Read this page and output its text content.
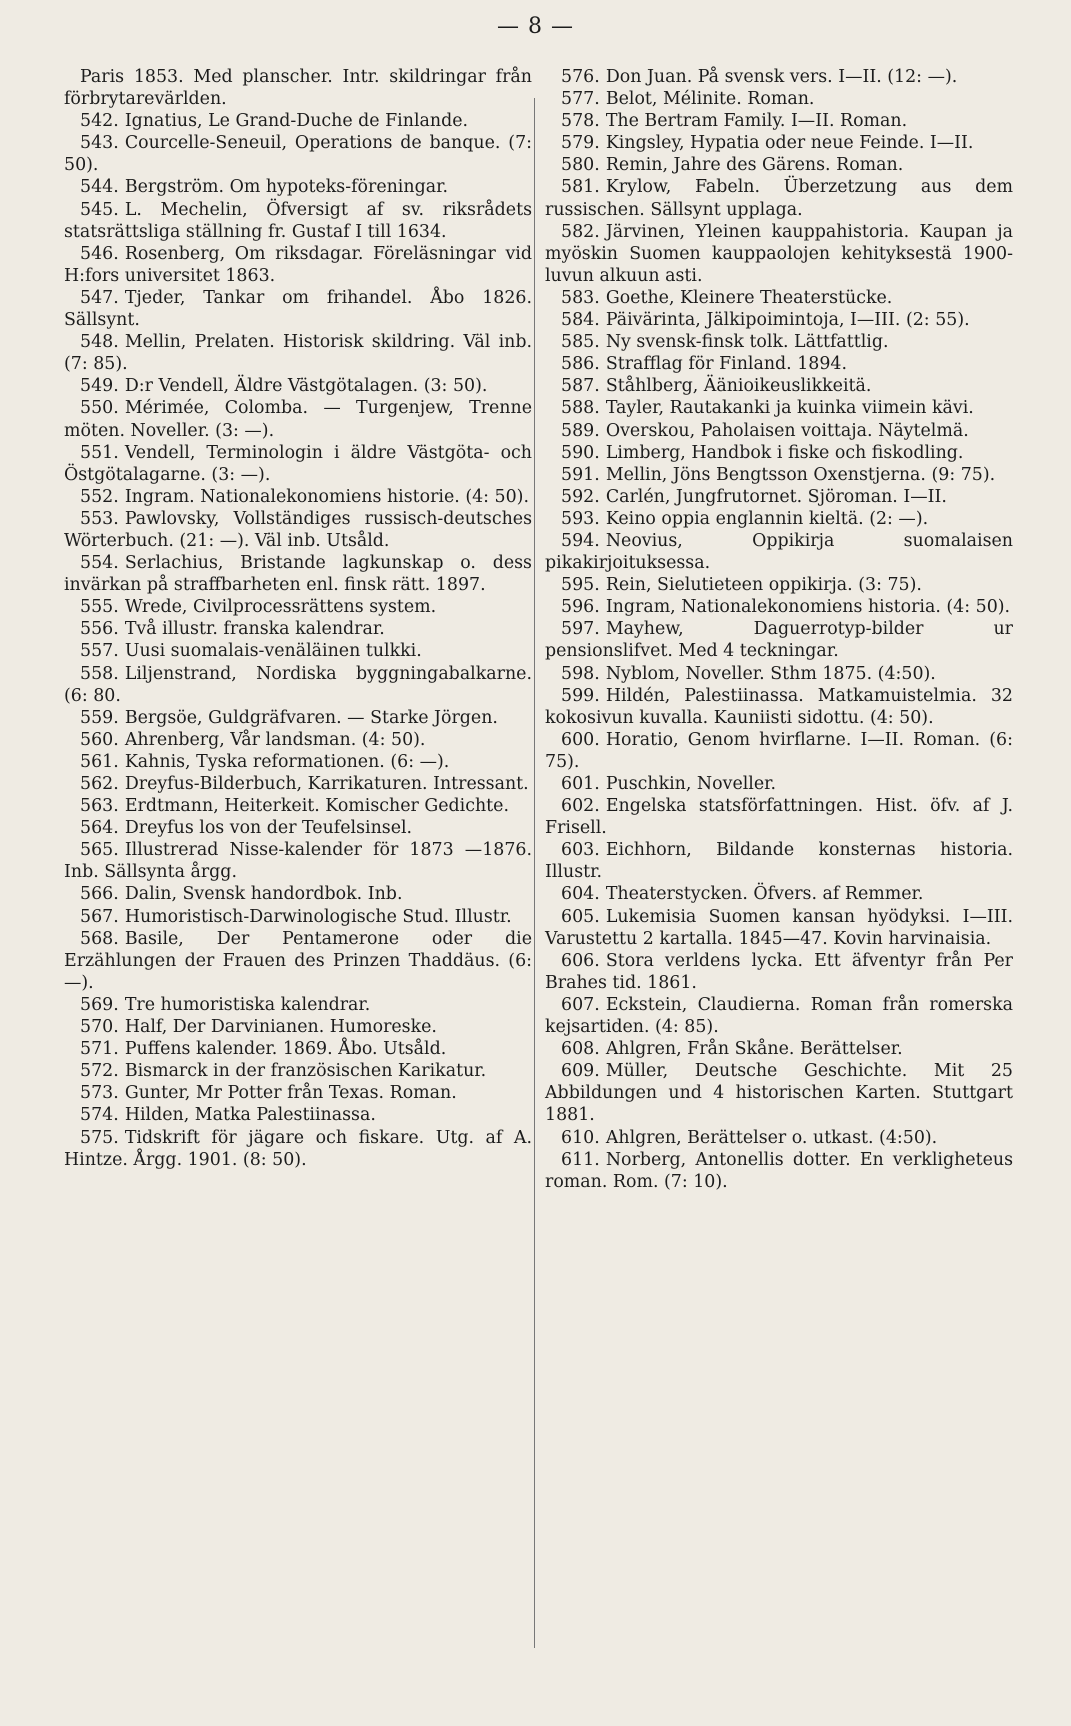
— 8 —

Paris 1853. Med planscher. Intr. skildringar från förbrytarevärlden.

542. Ignatius, Le Grand-Duche de Finlande.

543. Courcelle-Seneuil, Operations de banque. (7: 50).

544. Bergström. Om hypoteks-föreningar.

545. L. Mechelin, Öfversigt af sv. riksrådets statsrättsliga ställning fr. Gustaf I till 1634.

546. Rosenberg, Om riksdagar. Föreläsningar vid H:fors universitet 1863.

547. Tjeder, Tankar om frihandel. Åbo 1826. Sällsynt.

548. Mellin, Prelaten. Historisk skildring. Väl inb. (7: 85).

549. D:r Vendell, Äldre Västgötalagen. (3: 50).

550. Mérimée, Colomba. — Turgenjew, Trenne möten. Noveller. (3: —).

551. Vendell, Terminologin i äldre Västgöta- och Östgötalagarne. (3: —).

552. Ingram. Nationalekonomiens historie. (4: 50).

553. Pawlovsky, Vollständiges russisch-deutsches Wörterbuch. (21: —). Väl inb. Utsåld.

554. Serlachius, Bristande lagkunskap o. dess invärkan på straffbarheten enl. finsk rätt. 1897.

555. Wrede, Civilprocessrättens system.

556. Två illustr. franska kalendrar.

557. Uusi suomalais-venäläinen tulkki.

558. Liljenstrand, Nordiska byggningabalkarne. (6: 80.

559. Bergsöe, Guldgräfvaren. — Starke Jörgen.

560. Ahrenberg, Vår landsman. (4: 50).

561. Kahnis, Tyska reformationen. (6: —).

562. Dreyfus-Bilderbuch, Karrikaturen. Intressant.

563. Erdtmann, Heiterkeit. Komischer Gedichte.

564. Dreyfus los von der Teufelsinsel.

565. Illustrerad Nisse-kalender för 1873 —1876. Inb. Sällsynta årgg.

566. Dalin, Svensk handordbok. Inb.

567. Humoristisch-Darwinologische Stud. Illustr.

568. Basile, Der Pentamerone oder die Erzählungen der Frauen des Prinzen Thaddäus. (6: —).

569. Tre humoristiska kalendrar.

570. Half, Der Darvinianen. Humoreske.

571. Puffens kalender. 1869. Åbo. Utsåld.

572. Bismarck in der französischen Karikatur.

573. Gunter, Mr Potter från Texas. Roman.

574. Hilden, Matka Palestiinassa.

575. Tidskrift för jägare och fiskare. Utg. af A. Hintze. Årgg. 1901. (8: 50).

576. Don Juan. På svensk vers. I—II. (12: —).

577. Belot, Mélinite. Roman.

578. The Bertram Family. I—II. Roman.

579. Kingsley, Hypatia oder neue Feinde. I—II.

580. Remin, Jahre des Gärens. Roman.

581. Krylow, Fabeln. Überzetzung aus dem russischen. Sällsynt upplaga.

582. Järvinen, Yleinen kauppahistoria. Kaupan ja myöskin Suomen kauppaolojen kehityksestä 1900-luvun alkuun asti.

583. Goethe, Kleinere Theaterstücke.

584. Päivärinta, Jälkipoimintoja, I—III. (2: 55).

585. Ny svensk-finsk tolk. Lättfattlig.

586. Strafflag för Finland. 1894.

587. Ståhlberg, Äänioikeuslikkeitä.

588. Tayler, Rautakanki ja kuinka viimein kävi.

589. Overskou, Paholaisen voittaja. Näytelmä.

590. Limberg, Handbok i fiske och fiskodling.

591. Mellin, Jöns Bengtsson Oxenstjerna. (9: 75).

592. Carlén, Jungfrutornet. Sjöroman. I—II.

593. Keino oppia englannin kieltä. (2: —).

594. Neovius, Oppikirja suomalaisen pikakirjoituksessa.

595. Rein, Sielutieteen oppikirja. (3: 75).

596. Ingram, Nationalekonomiens historia. (4: 50).

597. Mayhew, Daguerrotyp-bilder ur pensionslifvet. Med 4 teckningar.

598. Nyblom, Noveller. Sthm 1875. (4:50).

599. Hildén, Palestiinassa. Matkamuistelmia. 32 kokosivun kuvalla. Kauniisti sidottu. (4: 50).

600. Horatio, Genom hvirflarne. I—II. Roman. (6: 75).

601. Puschkin, Noveller.

602. Engelska statsförfattningen. Hist. öfv. af J. Frisell.

603. Eichhorn, Bildande konsternas historia. Illustr.

604. Theaterstycken. Öfvers. af Remmer.

605. Lukemisia Suomen kansan hyödyksi. I—III. Varustettu 2 kartalla. 1845—47. Kovin harvinaisia.

606. Stora verldens lycka. Ett äfventyr från Per Brahes tid. 1861.

607. Eckstein, Claudierna. Roman från romerska kejsartiden. (4: 85).

608. Ahlgren, Från Skåne. Berättelser.

609. Müller, Deutsche Geschichte. Mit 25 Abbildungen und 4 historischen Karten. Stuttgart 1881.

610. Ahlgren, Berättelser o. utkast. (4:50).

611. Norberg, Antonellis dotter. En verkligheteus roman. Rom. (7: 10).
